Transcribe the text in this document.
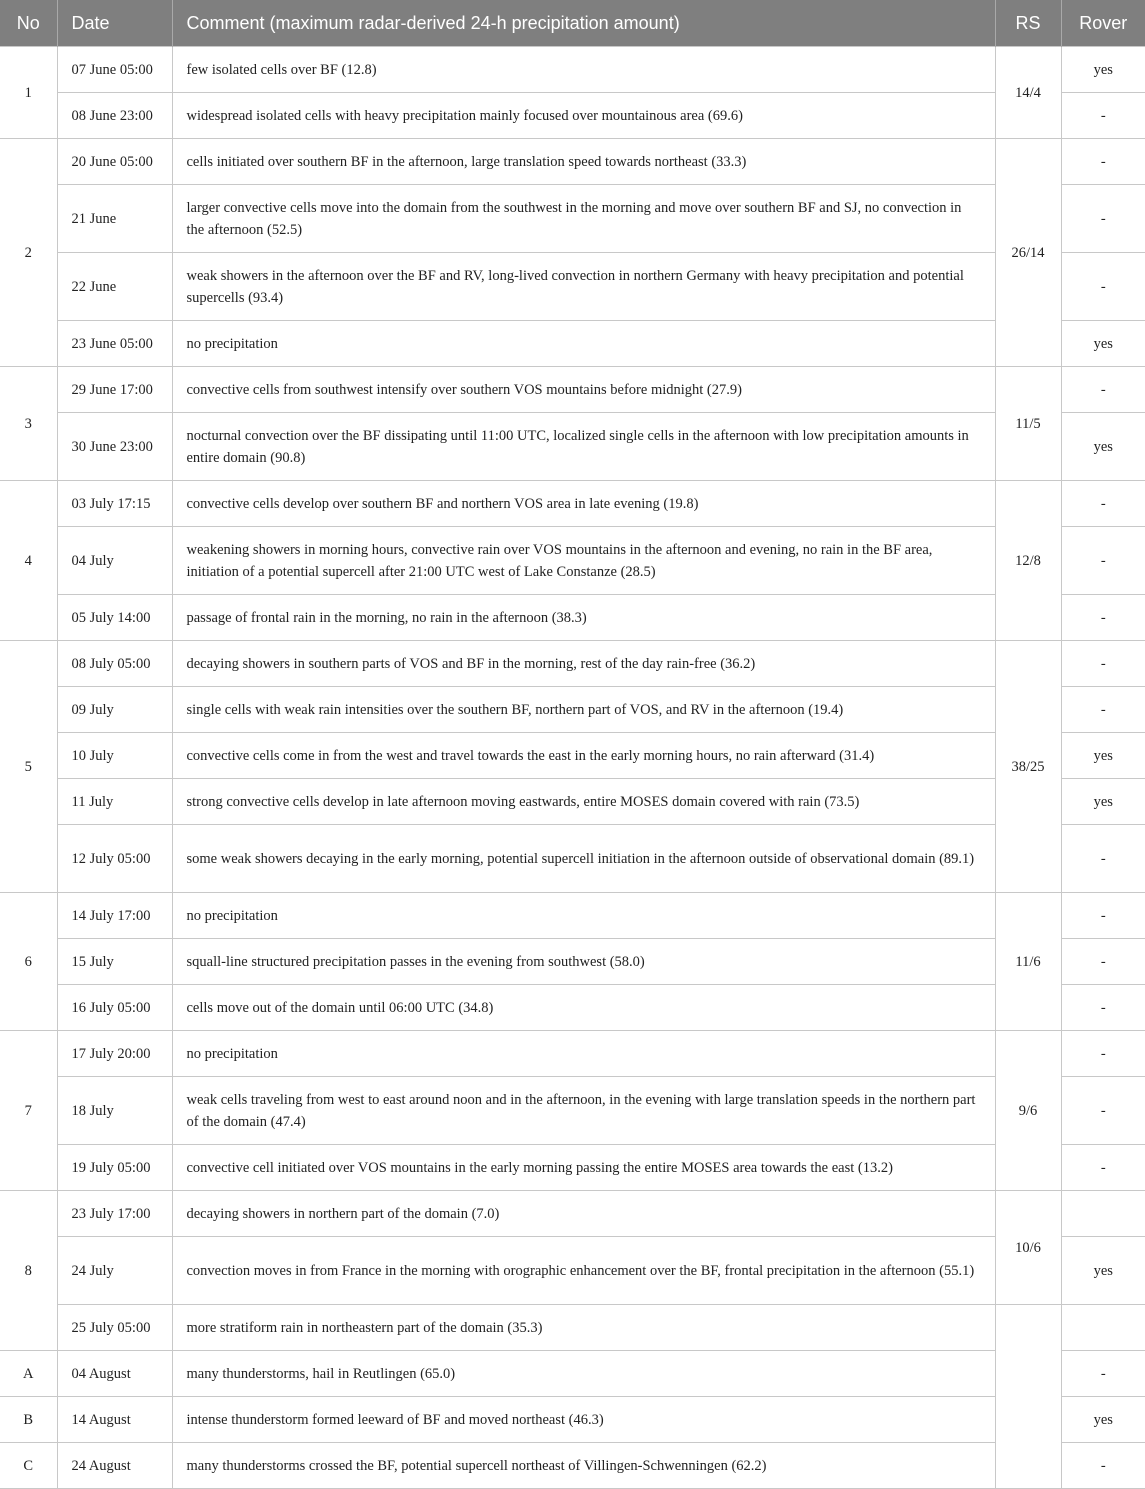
No	Date	Comment (maximum radar-derived 24-h precipitation amount)	RS	Rover
1	07 June 05:00	few isolated cells over BF (12.8)	14/4	yes
	08 June 23:00	widespread isolated cells with heavy precipitation mainly focused over mountainous area (69.6)		-
2	20 June 05:00	cells initiated over southern BF in the afternoon, large translation speed towards northeast (33.3)	26/14	-
	21 June	larger convective cells move into the domain from the southwest in the morning and move over southern BF and SJ, no convection in the afternoon (52.5)		-
	22 June	weak showers in the afternoon over the BF and RV, long-lived convection in northern Germany with heavy precipitation and potential supercells (93.4)		-
	23 June 05:00	no precipitation		yes
3	29 June 17:00	convective cells from southwest intensify over southern VOS mountains before midnight (27.9)	11/5	-
	30 June 23:00	nocturnal convection over the BF dissipating until 11:00 UTC, localized single cells in the afternoon with low precipitation amounts in entire domain (90.8)		yes
4	03 July 17:15	convective cells develop over southern BF and northern VOS area in late evening (19.8)	12/8	-
	04 July	weakening showers in morning hours, convective rain over VOS mountains in the afternoon and evening, no rain in the BF area, initiation of a potential supercell after 21:00 UTC west of Lake Constanze (28.5)		-
	05 July 14:00	passage of frontal rain in the morning, no rain in the afternoon (38.3)		-
5	08 July 05:00	decaying showers in southern parts of VOS and BF in the morning, rest of the day rain-free (36.2)	38/25	-
	09 July	single cells with weak rain intensities over the southern BF, northern part of VOS, and RV in the afternoon (19.4)		-
	10 July	convective cells come in from the west and travel towards the east in the early morning hours, no rain afterward (31.4)		yes
	11 July	strong convective cells develop in late afternoon moving eastwards, entire MOSES domain covered with rain (73.5)		yes
	12 July 05:00	some weak showers decaying in the early morning, potential supercell initiation in the afternoon outside of observational domain (89.1)		-
6	14 July 17:00	no precipitation	11/6	-
	15 July	squall-line structured precipitation passes in the evening from southwest (58.0)		-
	16 July 05:00	cells move out of the domain until 06:00 UTC (34.8)		-
7	17 July 20:00	no precipitation	9/6	-
	18 July	weak cells traveling from west to east around noon and in the afternoon, in the evening with large translation speeds in the northern part of the domain (47.4)		-
	19 July 05:00	convective cell initiated over VOS mountains in the early morning passing the entire MOSES area towards the east (13.2)		-
8	23 July 17:00	decaying showers in northern part of the domain (7.0)	10/6	
	24 July	convection moves in from France in the morning with orographic enhancement over the BF, frontal precipitation in the afternoon (55.1)		yes
	25 July 05:00	more stratiform rain in northeastern part of the domain (35.3)		
A	04 August	many thunderstorms, hail in Reutlingen (65.0)		-
B	14 August	intense thunderstorm formed leeward of BF and moved northeast (46.3)		yes
C	24 August	many thunderstorms crossed the BF, potential supercell northeast of Villingen-Schwenningen (62.2)		-
